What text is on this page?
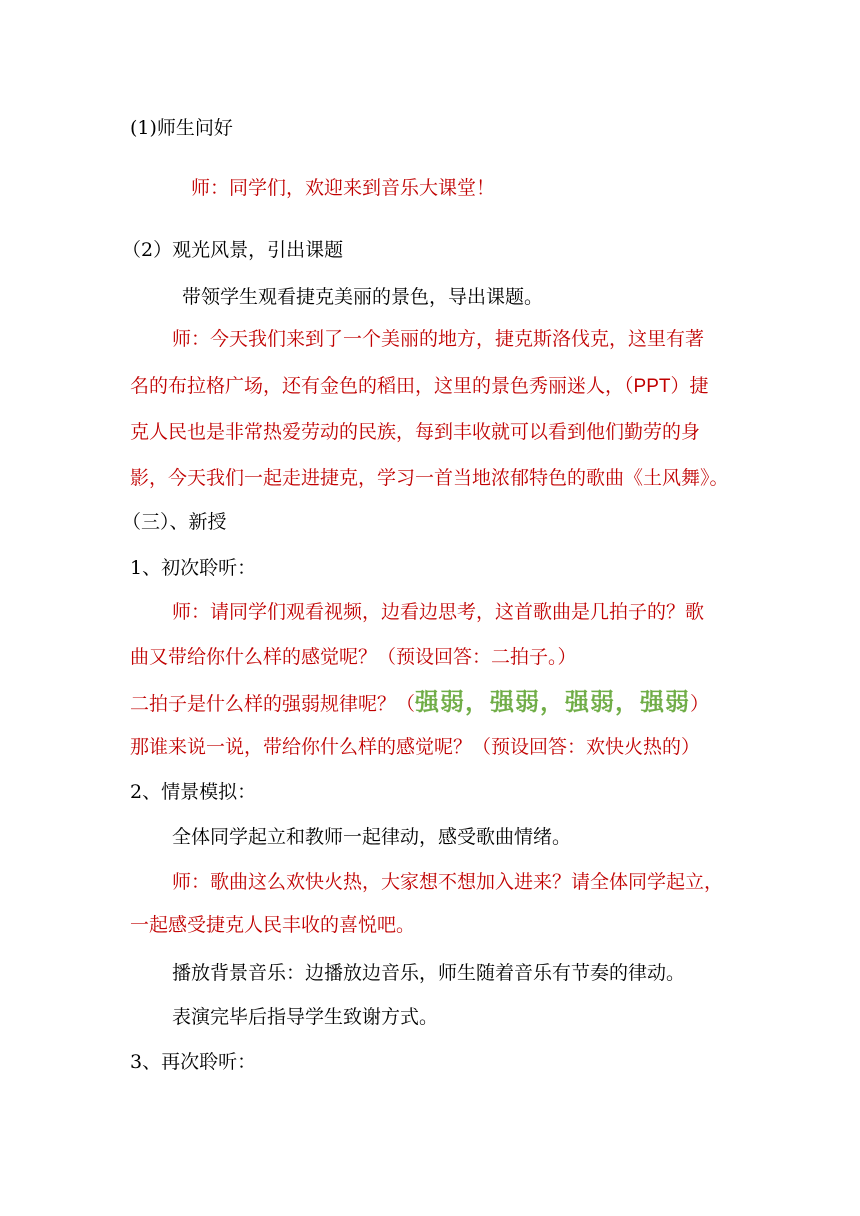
(1)师生问好
师：同学们，欢迎来到音乐大课堂！
（2）观光风景，引出课题
带领学生观看捷克美丽的景色，导出课题。
师：今天我们来到了一个美丽的地方，捷克斯洛伐克，这里有著
名的布拉格广场，还有金色的稻田，这里的景色秀丽迷人，（PPT）捷
克人民也是非常热爱劳动的民族，每到丰收就可以看到他们勤劳的身
影，今天我们一起走进捷克，学习一首当地浓郁特色的歌曲《土风舞》。
（三）、新授
1、初次聆听：
师：请同学们观看视频，边看边思考，这首歌曲是几拍子的？歌
曲又带给你什么样的感觉呢？（预设回答：二拍子。）
二拍子是什么样的强弱规律呢？（强弱，强弱，强弱，强弱）
那谁来说一说，带给你什么样的感觉呢？（预设回答：欢快火热的）
2、情景模拟：
全体同学起立和教师一起律动，感受歌曲情绪。
师：歌曲这么欢快火热，大家想不想加入进来？请全体同学起立，
一起感受捷克人民丰收的喜悦吧。
播放背景音乐：边播放边音乐，师生随着音乐有节奏的律动。
表演完毕后指导学生致谢方式。
3、再次聆听：
